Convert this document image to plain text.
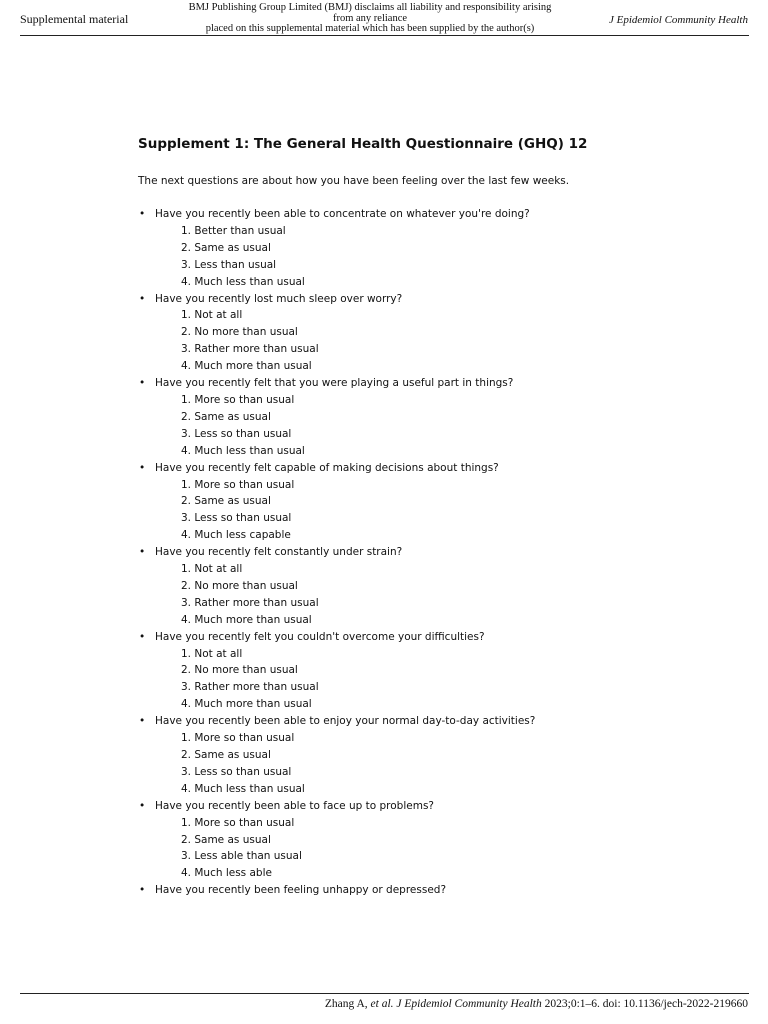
Supplemental material
BMJ Publishing Group Limited (BMJ) disclaims all liability and responsibility arising from any reliance
placed on this supplemental material which has been supplied by the author(s)
J Epidemiol Community Health
Supplement 1: The General Health Questionnaire (GHQ) 12

The next questions are about how you have been feeling over the last few weeks.

• Have you recently been able to concentrate on whatever you're doing?
1. Better than usual
2. Same as usual
3. Less than usual
4. Much less than usual
• Have you recently lost much sleep over worry?
1. Not at all
2. No more than usual
3. Rather more than usual
4. Much more than usual
• Have you recently felt that you were playing a useful part in things?
1. More so than usual
2. Same as usual
3. Less so than usual
4. Much less than usual
• Have you recently felt capable of making decisions about things?
1. More so than usual
2. Same as usual
3. Less so than usual
4. Much less capable
• Have you recently felt constantly under strain?
1. Not at all
2. No more than usual
3. Rather more than usual
4. Much more than usual
• Have you recently felt you couldn't overcome your difficulties?
1. Not at all
2. No more than usual
3. Rather more than usual
4. Much more than usual
• Have you recently been able to enjoy your normal day-to-day activities?
1. More so than usual
2. Same as usual
3. Less so than usual
4. Much less than usual
• Have you recently been able to face up to problems?
1. More so than usual
2. Same as usual
3. Less able than usual
4. Much less able
• Have you recently been feeling unhappy or depressed?
Zhang A, et al. J Epidemiol Community Health 2023;0:1–6. doi: 10.1136/jech-2022-219660
